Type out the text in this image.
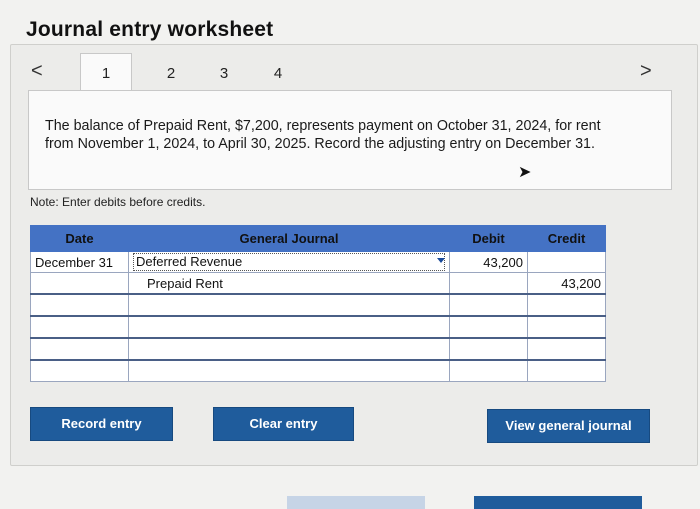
Journal entry worksheet
<	>
1	2	3	4
The balance of Prepaid Rent, $7,200, represents payment on October 31, 2024, for rent from November 1, 2024, to April 30, 2025. Record the adjusting entry on December 31.
➤
Note: Enter debits before credits.
Date	General Journal	Debit	Credit
December 31	Deferred Revenue	43,200	
	Prepaid Rent		43,200

Record entry	Clear entry	View general journal
